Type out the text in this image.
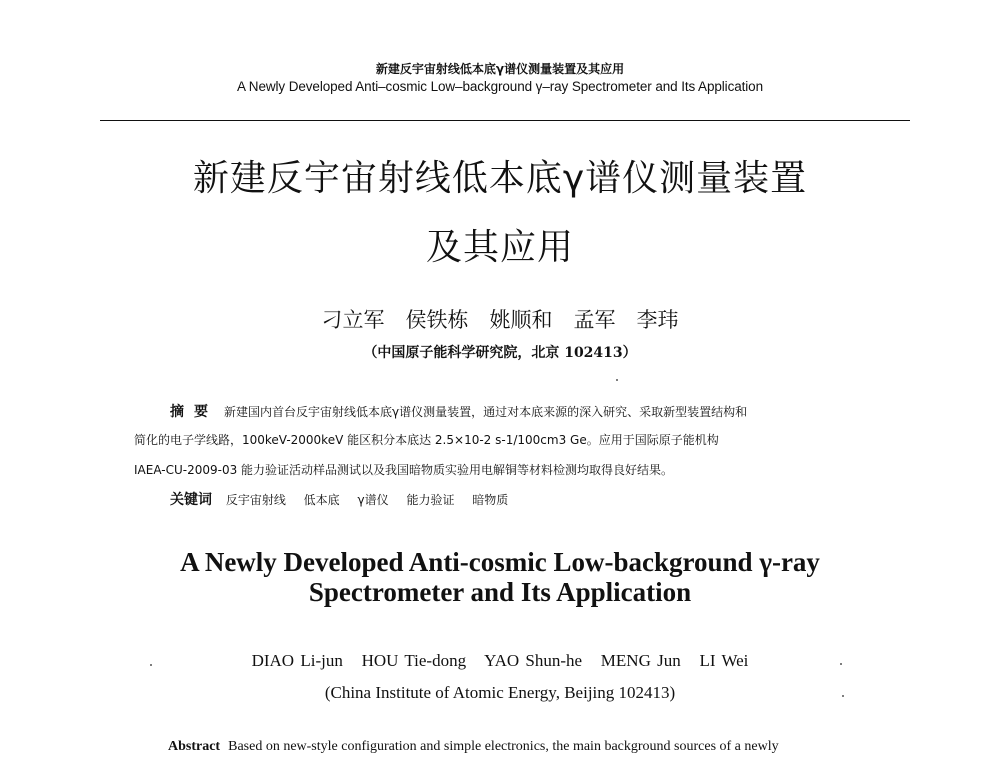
新建反宇宙射线低本底γ谱仪测量装置及其应用
A Newly Developed Anti–cosmic Low–background γ–ray Spectrometer and Its Application
新建反宇宙射线低本底γ谱仪测量装置
及其应用
刁立军　侯铁栋　姚顺和　孟军　李玮
（中国原子能科学研究院，北京 102413）
摘要 新建国内首台反宇宙射线低本底γ谱仪测量装置，通过对本底来源的深入研究、采取新型装置结构和
简化的电子学线路，100keV-2000keV 能区积分本底达 2.5×10-2 s-1/100cm3 Ge。应用于国际原子能机构
IAEA-CU-2009-03 能力验证活动样品测试以及我国暗物质实验用电解铜等材料检测均取得良好结果。
关键词 反宇宙射线 低本底 γ谱仪 能力验证 暗物质
A Newly Developed Anti-cosmic Low-background γ-ray
Spectrometer and Its Application
DIAO Li-jun   HOU Tie-dong   YAO Shun-he   MENG Jun   LI Wei
(China Institute of Atomic Energy, Beijing 102413)
Abstract Based on new-style configuration and simple electronics, the main background sources of a newly
